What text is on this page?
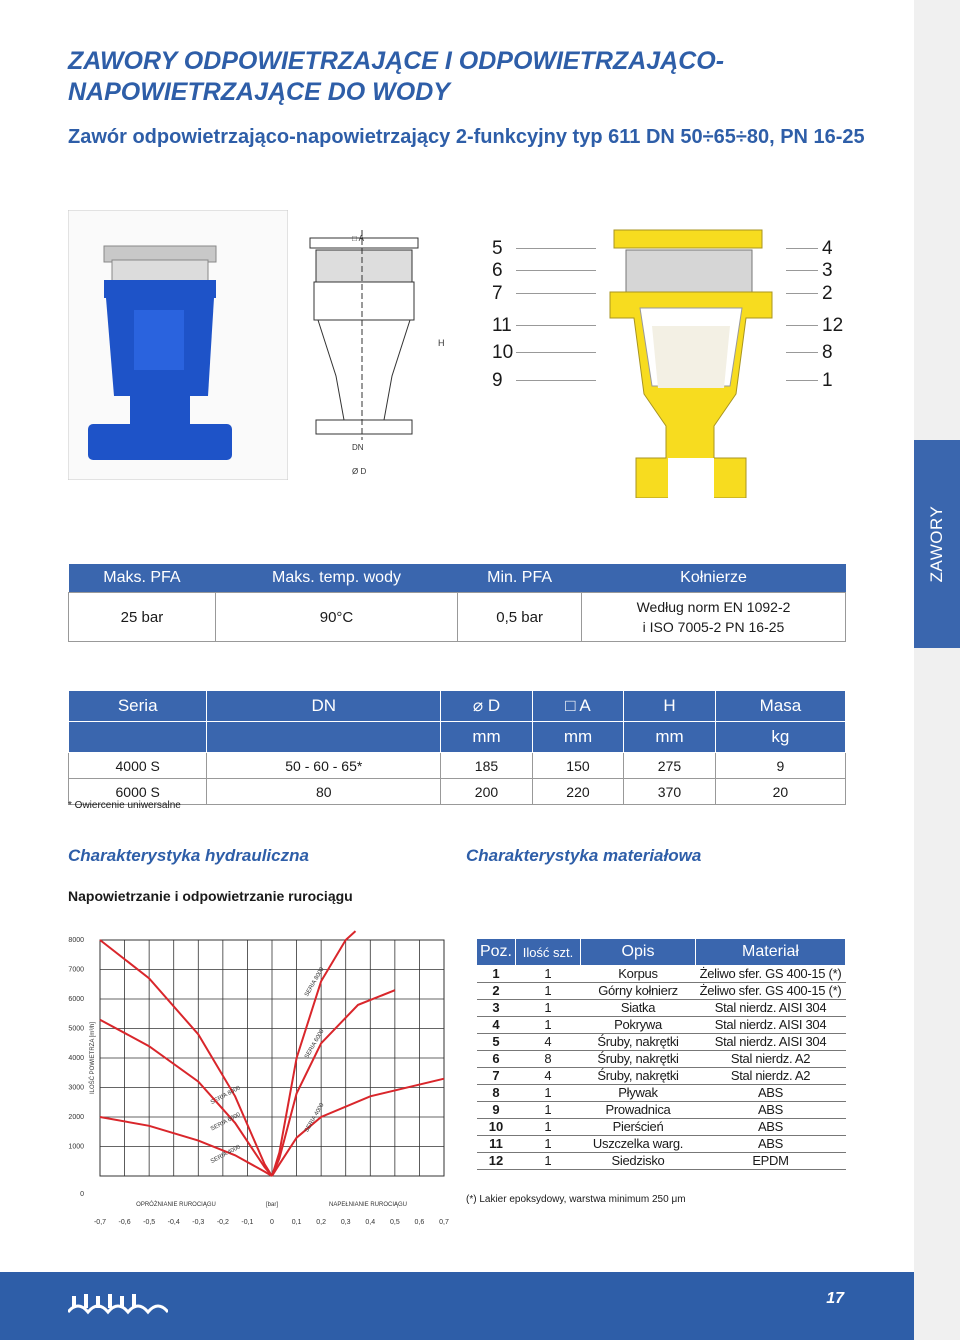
ZAWORY
ZAWORY ODPOWIETRZAJĄCE I ODPOWIETRZAJĄCO-NAPOWIETRZAJĄCE DO WODY
Zawór odpowietrzająco-napowietrzający 2-funkcyjny typ 611 DN 50÷65÷80, PN 16-25
□ A
H
DN
Ø D
5
6
7
11
10
9
4
3
2
12
8
1
Maks. PFA	Maks. temp. wody	Min. PFA	Kołnierze
25 bar	90°C	0,5 bar	Według norm EN 1092-2
i ISO 7005-2 PN 16-25
Seria	DN	⌀ D	□ A	H	Masa
		mm	mm	mm	kg
4000 S	50 - 60 - 65*	185	150	275	9
6000 S	80	200	220	370	20
* Owiercenie uniwersalne
Charakterystyka hydrauliczna	Charakterystyka materiałowa
Napowietrzanie i odpowietrzanie rurociągu
-0,7 -0,6 -0,5 -0,4 -0,3 -0,2 -0,1 0	0,1 0,2 0,3 0,4 0,5 0,6 0,7
8000
7000
6000
5000
4000
3000
2000
1000
0
SERIA 8000
SERIA 6000
SERIA 4000
SERIA 8000
SERIA 6000
SERIA 4000
ILOŚĆ POWIETRZA [m³/h]
OPRÓŻNIANIE RUROCIĄGU	[bar]	NAPEŁNIANIE RUROCIĄGU
Poz.	Ilość szt.	Opis	Materiał
1	1	Korpus	Żeliwo sfer. GS 400-15 (*)
2	1	Górny kołnierz	Żeliwo sfer. GS 400-15 (*)
3	1	Siatka	Stal nierdz. AISI 304
4	1	Pokrywa	Stal nierdz. AISI 304
5	4	Śruby, nakrętki	Stal nierdz. AISI 304
6	8	Śruby, nakrętki	Stal nierdz. A2
7	4	Śruby, nakrętki	Stal nierdz. A2
8	1	Pływak	ABS
9	1	Prowadnica	ABS
10	1	Pierścień	ABS
11	1	Uszczelka warg.	ABS
12	1	Siedzisko	EPDM
(*) Lakier epoksydowy, warstwa minimum 250 μm
17
